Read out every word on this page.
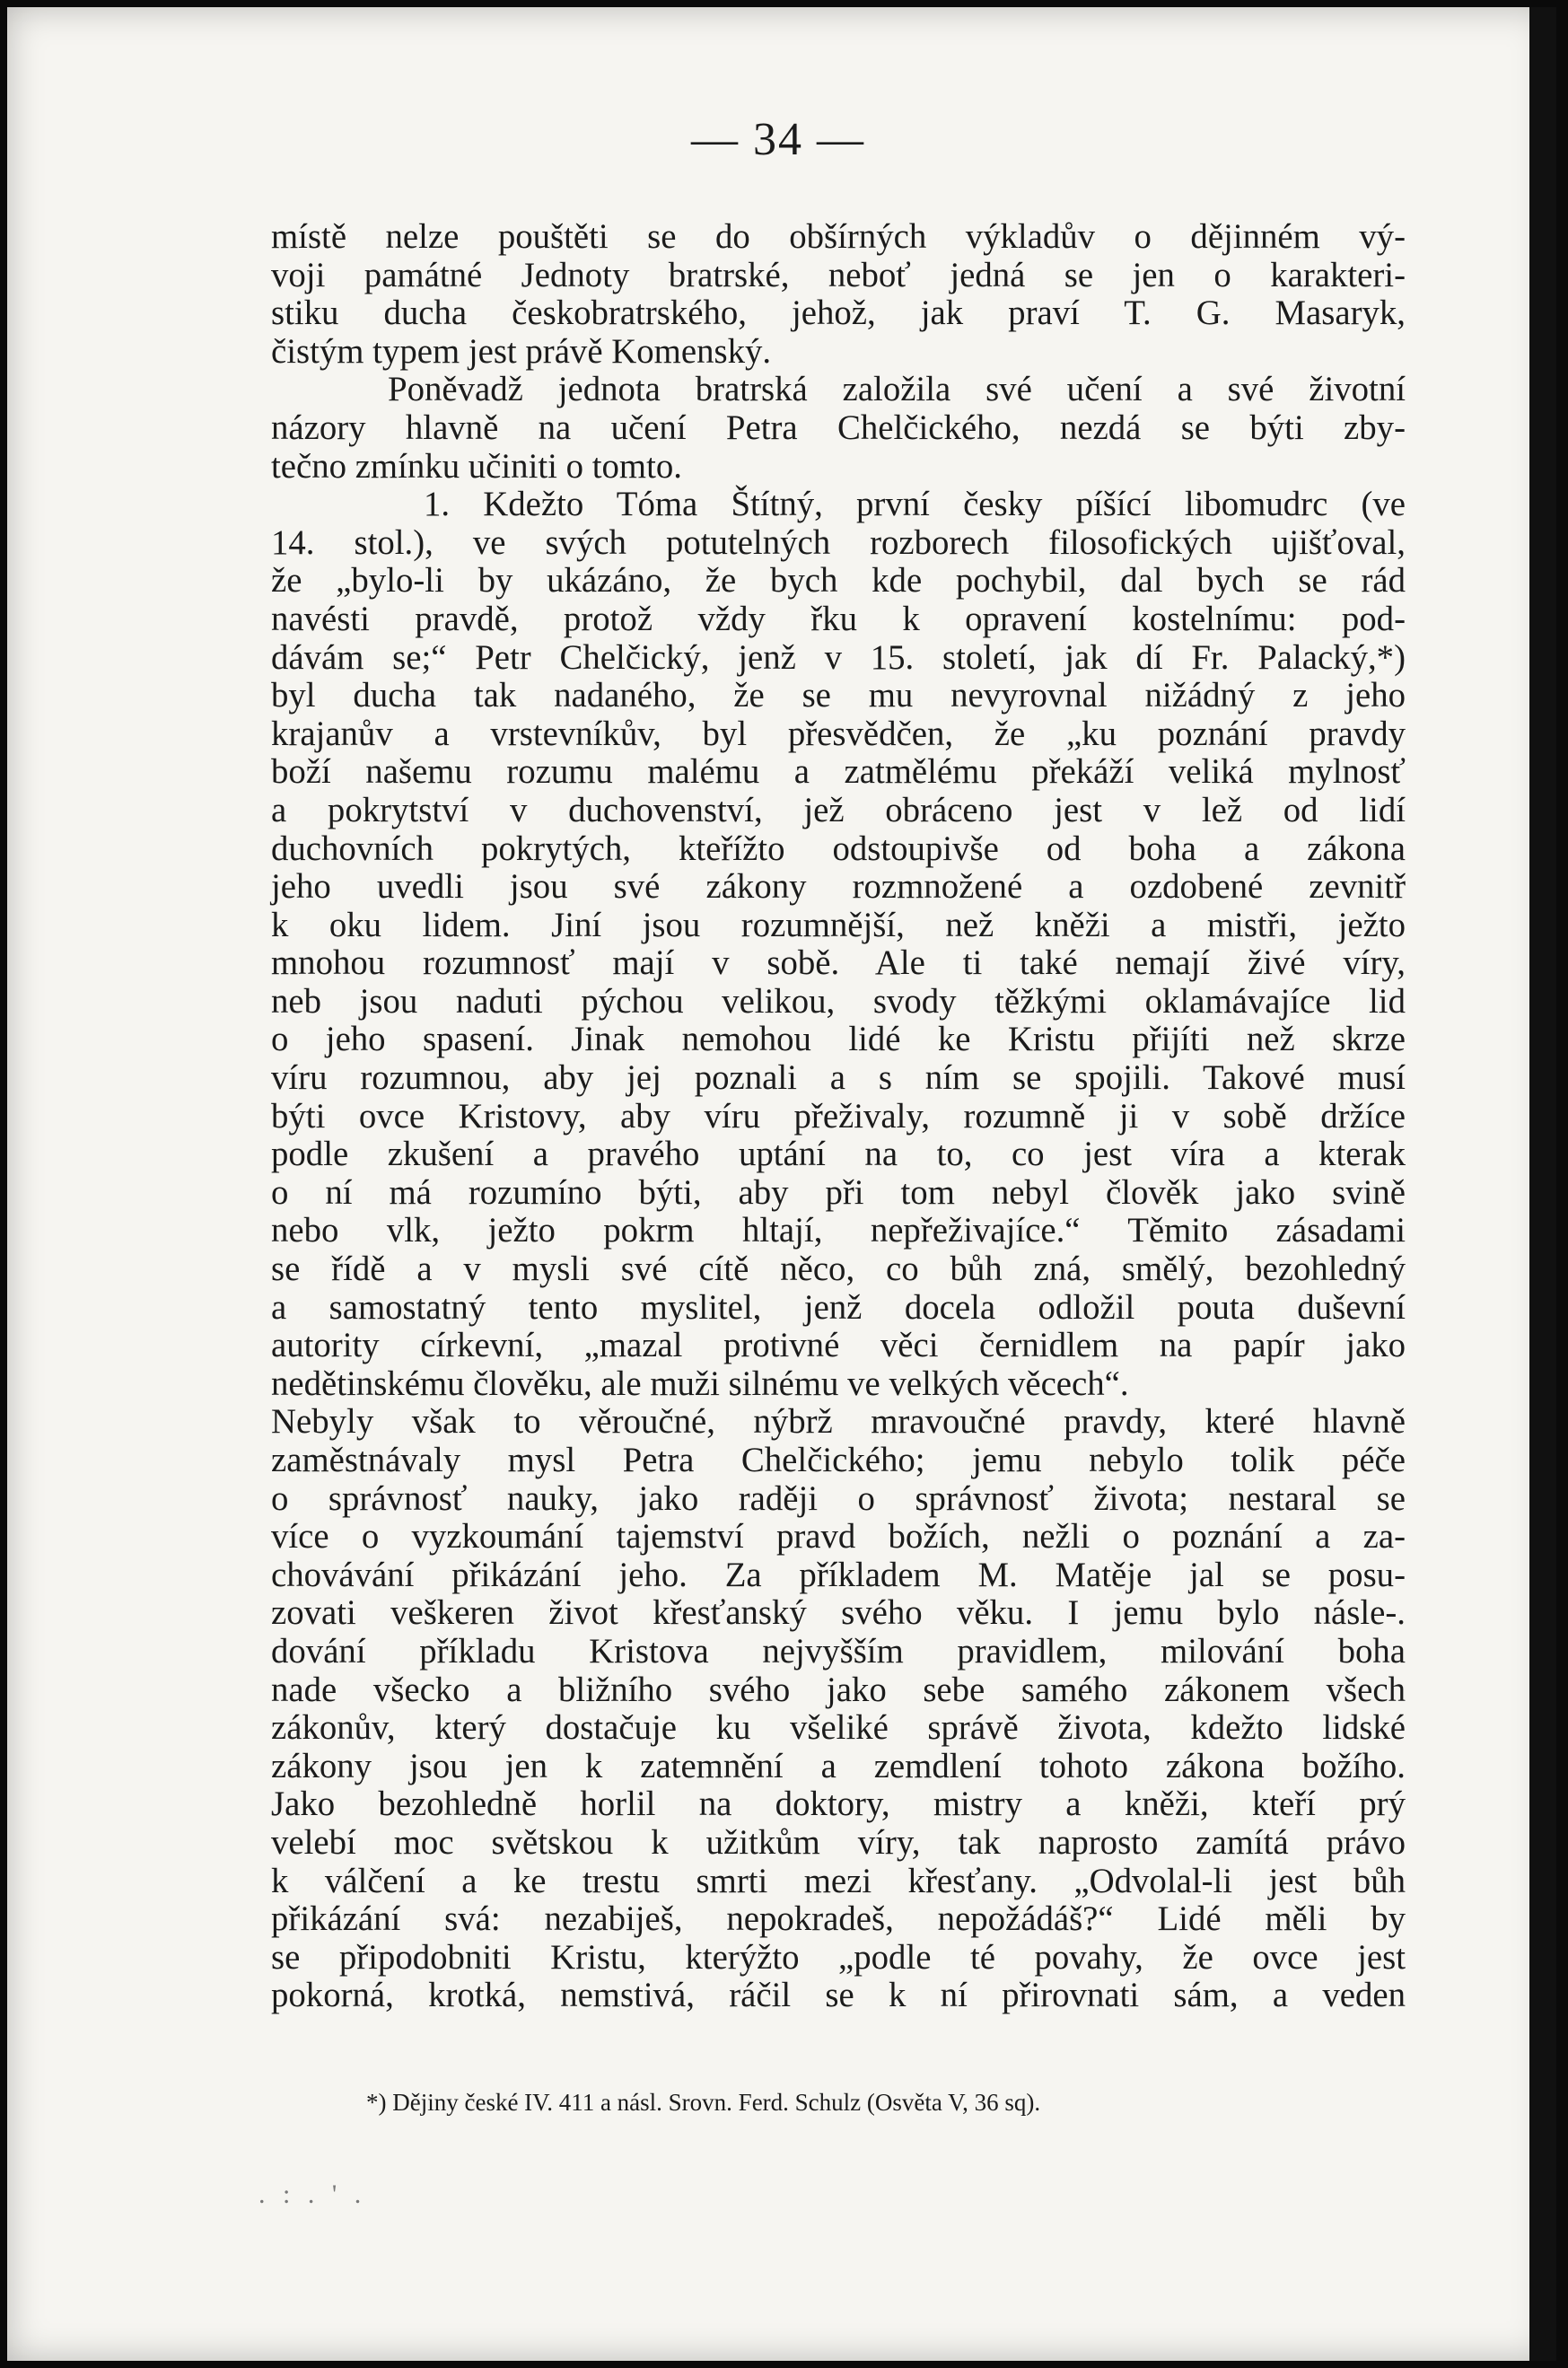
— 34 —
místě nelze pouštěti se do obšírných výkladův o dějinném vý-
voji památné Jednoty bratrské, neboť jedná se jen o karakteri-
stiku ducha českobratrského, jehož, jak praví T. G. Masaryk,
čistým typem jest právě Komenský.
Poněvadž jednota bratrská založila své učení a své životní
názory hlavně na učení Petra Chelčického, nezdá se býti zby-
tečno zmínku učiniti o tomto.
1. Kdežto Tóma Štítný, první česky píšící libomudrc (ve
14. stol.), ve svých potutelných rozborech filosofických ujišťoval,
že „bylo-li by ukázáno, že bych kde pochybil, dal bych se rád
navésti pravdě, protož vždy řku k opravení kostelnímu: pod-
dávám se;“ Petr Chelčický, jenž v 15. století, jak dí Fr. Palacký,*)
byl ducha tak nadaného, že se mu nevyrovnal nižádný z jeho
krajanův a vrstevníkův, byl přesvědčen, že „ku poznání pravdy
boží našemu rozumu malému a zatmělému překáží veliká mylnosť
a pokrytství v duchovenství, jež obráceno jest v lež od lidí
duchovních pokrytých, kteřížto odstoupivše od boha a zákona
jeho uvedli jsou své zákony rozmnožené a ozdobené zevnitř
k oku lidem. Jiní jsou rozumnější, než kněži a mistři, ježto
mnohou rozumnosť mají v sobě. Ale ti také nemají živé víry,
neb jsou naduti pýchou velikou, svody těžkými oklamávajíce lid
o jeho spasení. Jinak nemohou lidé ke Kristu přijíti než skrze
víru rozumnou, aby jej poznali a s ním se spojili. Takové musí
býti ovce Kristovy, aby víru přeživaly, rozumně ji v sobě držíce
podle zkušení a pravého uptání na to, co jest víra a kterak
o ní má rozumíno býti, aby při tom nebyl člověk jako svině
nebo vlk, ježto pokrm hltají, nepřeživajíce.“ Těmito zásadami
se řídě a v mysli své cítě něco, co bůh zná, smělý, bezohledný
a samostatný tento myslitel, jenž docela odložil pouta duševní
autority církevní, „mazal protivné věci černidlem na papír jako
nedětinskému člověku, ale muži silnému ve velkých věcech“.
Nebyly však to věroučné, nýbrž mravoučné pravdy, které hlavně
zaměstnávaly mysl Petra Chelčického; jemu nebylo tolik péče
o správnosť nauky, jako raději o správnosť života; nestaral se
více o vyzkoumání tajemství pravd božích, nežli o poznání a za-
chovávání přikázání jeho. Za příkladem M. Matěje jal se posu-
zovati veškeren život křesťanský svého věku. I jemu bylo násle-.
dování příkladu Kristova nejvyšším pravidlem, milování boha
nade všecko a bližního svého jako sebe samého zákonem všech
zákonův, který dostačuje ku všeliké správě života, kdežto lidské
zákony jsou jen k zatemnění a zemdlení tohoto zákona božího.
Jako bezohledně horlil na doktory, mistry a kněži, kteří prý
velebí moc světskou k užitkům víry, tak naprosto zamítá právo
k válčení a ke trestu smrti mezi křesťany. „Odvolal-li jest bůh
přikázání svá: nezabiješ, nepokradeš, nepožádáš?“ Lidé měli by
se připodobniti Kristu, kterýžto „podle té povahy, že ovce jest
pokorná, krotká, nemstivá, ráčil se k ní přirovnati sám, a veden
*) Dějiny české IV. 411 a násl. Srovn. Ferd. Schulz (Osvěta V, 36 sq).
. : . ' .
